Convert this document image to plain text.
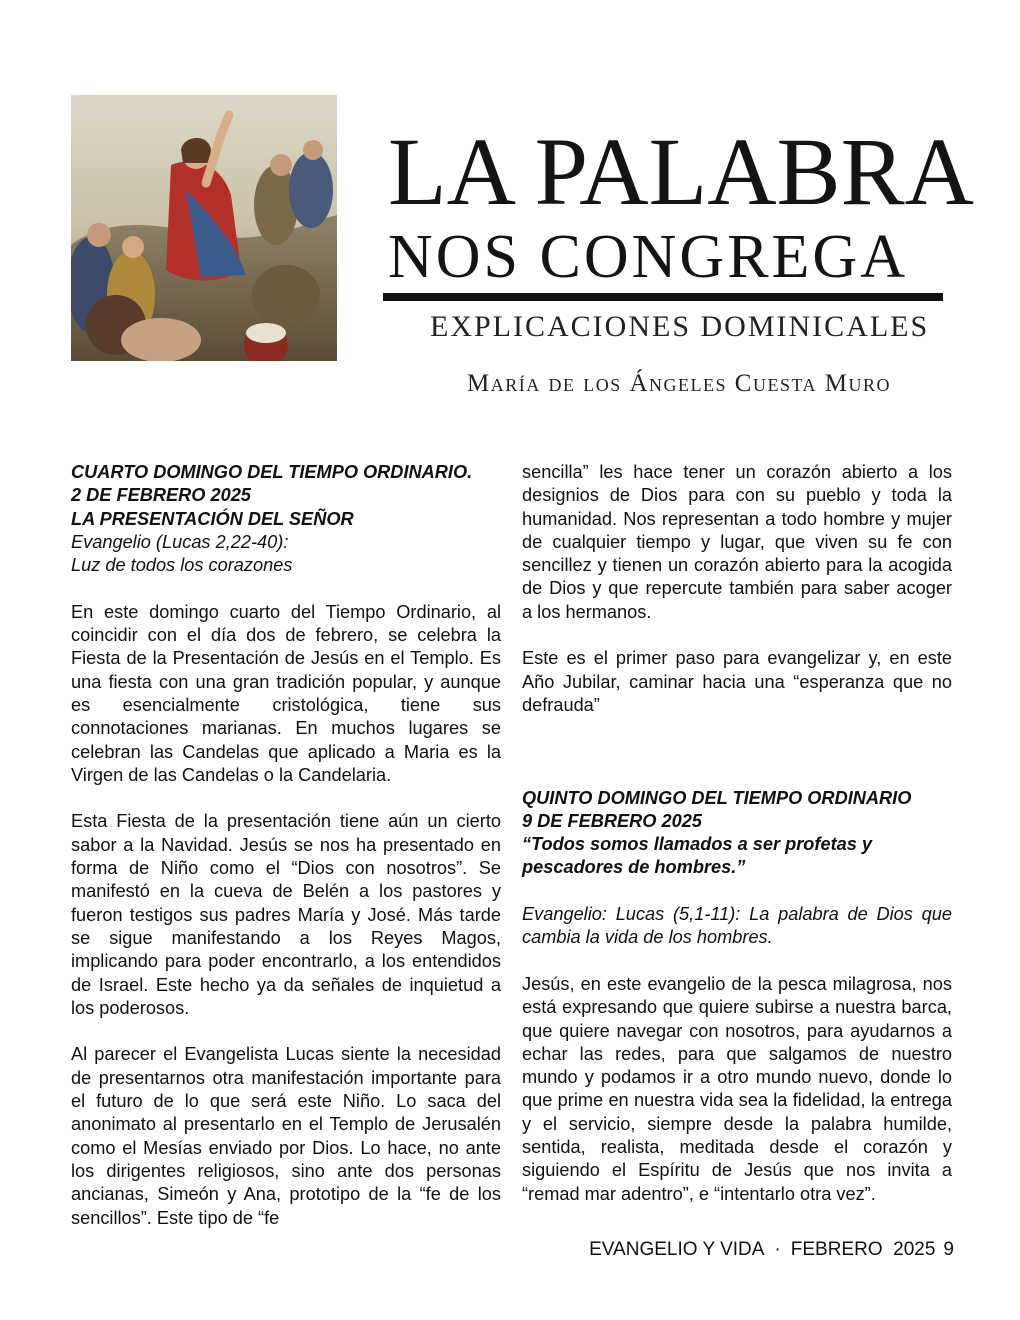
LA PALABRA
NOS CONGREGA
EXPLICACIONES DOMINICALES
María de los Ángeles Cuesta Muro
CUARTO DOMINGO DEL TIEMPO ORDINARIO.
2 DE FEBRERO 2025
LA PRESENTACIÓN DEL SEÑOR
Evangelio (Lucas 2,22-40):
Luz de todos los corazones

En este domingo cuarto del Tiempo Ordinario, al coincidir con el día dos de febrero, se celebra la Fiesta de la Presentación de Jesús en el Templo. Es una fiesta con una gran tradición popular, y aunque es esencialmente cristológica, tiene sus connotaciones marianas. En muchos lugares se celebran las Candelas que aplicado a Maria es la Virgen de las Candelas o la Candelaria.

Esta Fiesta de la presentación tiene aún un cierto sabor a la Navidad. Jesús se nos ha presentado en forma de Niño como el “Dios con nosotros”. Se manifestó en la cueva de Belén a los pastores y fueron testigos sus padres María y José. Más tarde se sigue manifestando a los Reyes Magos, implicando para poder encontrarlo, a los entendidos de Israel. Este hecho ya da señales de inquietud a los poderosos.

Al parecer el Evangelista Lucas siente la necesidad de presentarnos otra manifestación importante para el futuro de lo que será este Niño. Lo saca del anonimato al presentarlo en el Templo de Jerusalén como el Mesías enviado por Dios. Lo hace, no ante los dirigentes religiosos, sino ante dos personas ancianas, Simeón y Ana, prototipo de la “fe de los sencillos”. Este tipo de “fe

sencilla” les hace tener un corazón abierto a los designios de Dios para con su pueblo y toda la humanidad. Nos representan a todo hombre y mujer de cualquier tiempo y lugar, que viven su fe con sencillez y tienen un corazón abierto para la acogida de Dios y que repercute también para saber acoger a los hermanos.

Este es el primer paso para evangelizar y, en este Año Jubilar, caminar hacia una “esperanza que no defrauda”

QUINTO DOMINGO DEL TIEMPO ORDINARIO
9 DE FEBRERO 2025
“Todos somos llamados a ser profetas y pescadores de hombres.”

Evangelio: Lucas (5,1-11): La palabra de Dios que cambia la vida de los hombres.

Jesús, en este evangelio de la pesca milagrosa, nos está expresando que quiere subirse a nuestra barca, que quiere navegar con nosotros, para ayudarnos a echar las redes, para que salgamos de nuestro mundo y podamos ir a otro mundo nuevo, donde lo que prime en nuestra vida sea la fidelidad, la entrega y el servicio, siempre desde la palabra humilde, sentida, realista, meditada desde el corazón y siguiendo el Espíritu de Jesús que nos invita a “remad mar adentro”, e “intentarlo otra vez”.

EVANGELIO Y VIDA · FEBRERO  2025 9
